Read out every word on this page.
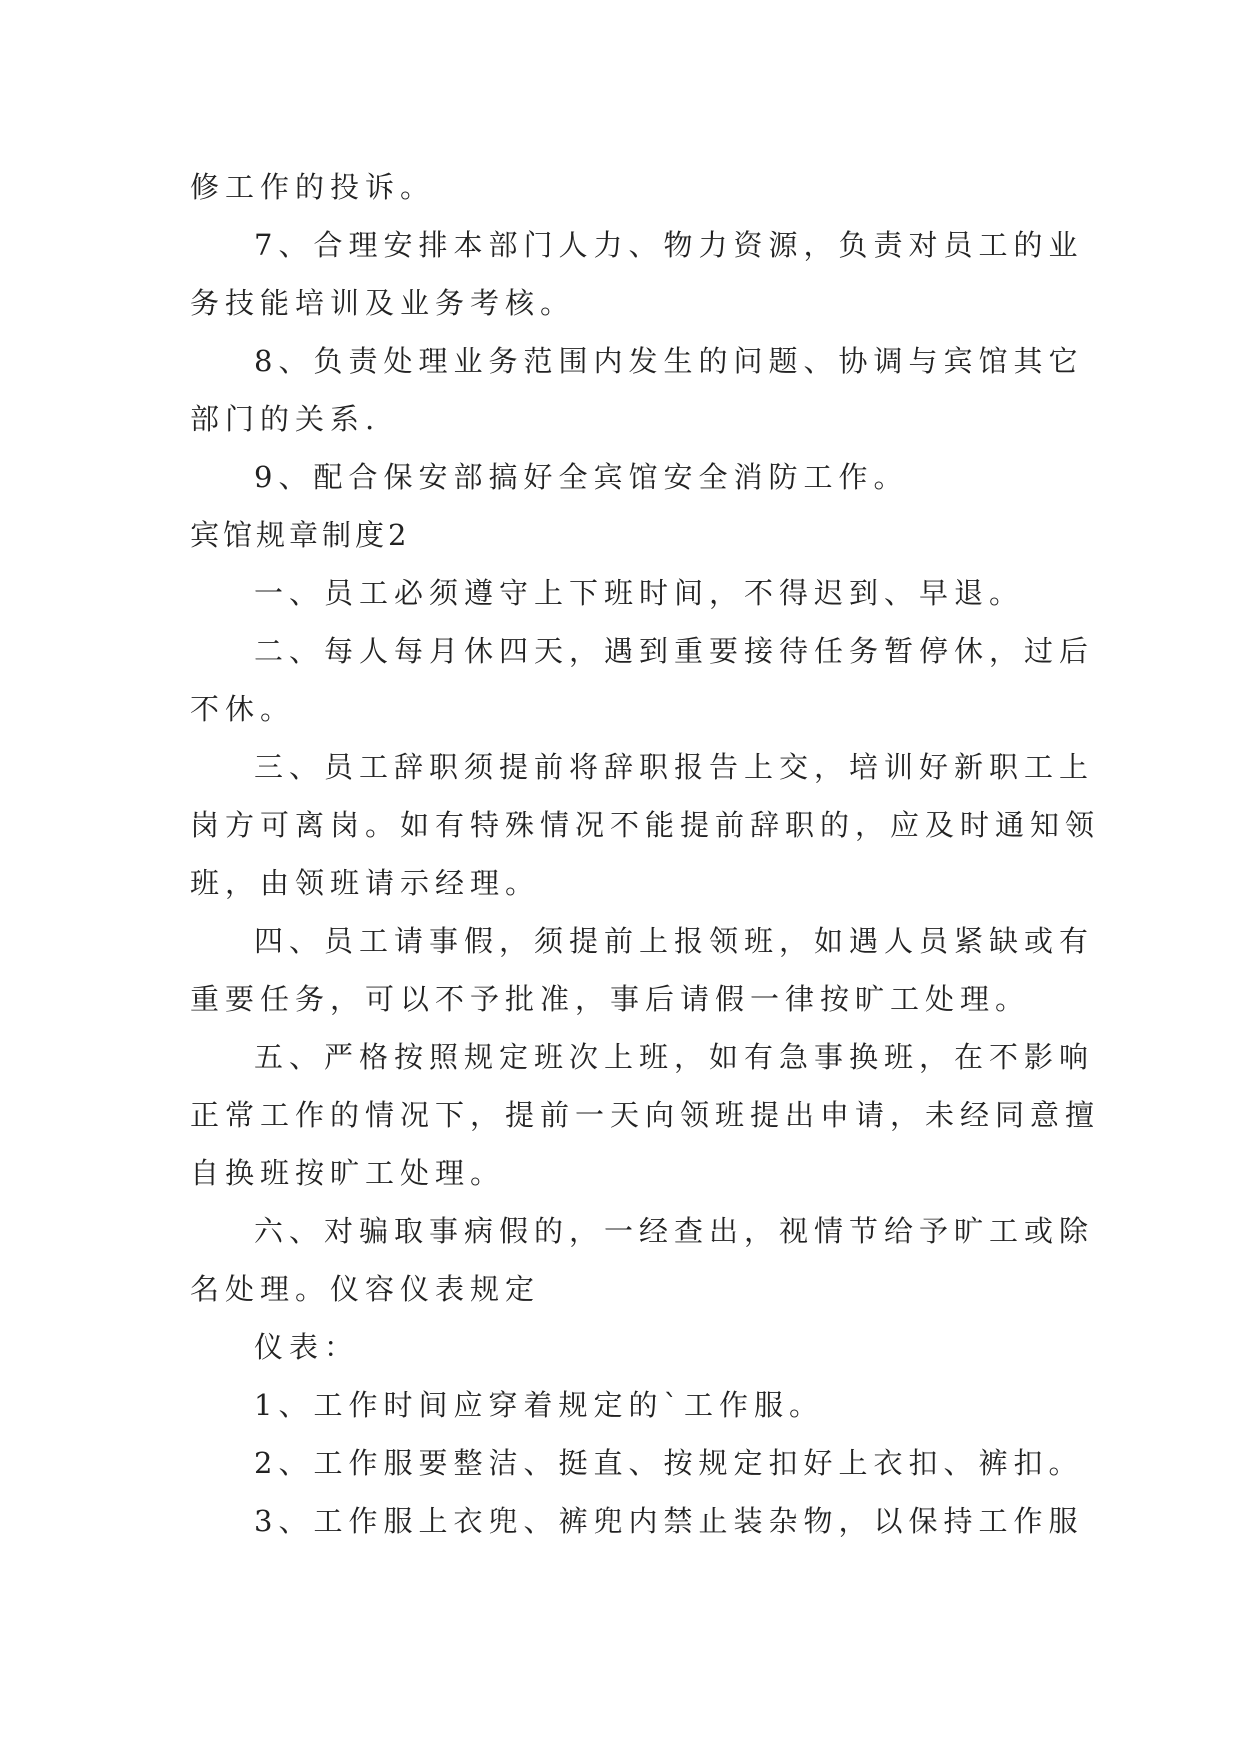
修工作的投诉。
7、合理安排本部门人力、物力资源，负责对员工的业
务技能培训及业务考核。
8、负责处理业务范围内发生的问题、协调与宾馆其它
部门的关系.
9、配合保安部搞好全宾馆安全消防工作。
宾馆规章制度2
一、员工必须遵守上下班时间，不得迟到、早退。
二、每人每月休四天，遇到重要接待任务暂停休，过后
不休。
三、员工辞职须提前将辞职报告上交，培训好新职工上
岗方可离岗。如有特殊情况不能提前辞职的，应及时通知领
班，由领班请示经理。
四、员工请事假，须提前上报领班，如遇人员紧缺或有
重要任务，可以不予批准，事后请假一律按旷工处理。
五、严格按照规定班次上班，如有急事换班，在不影响
正常工作的情况下，提前一天向领班提出申请，未经同意擅
自换班按旷工处理。
六、对骗取事病假的，一经查出，视情节给予旷工或除
名处理。仪容仪表规定
仪表：
1、工作时间应穿着规定的`工作服。
2、工作服要整洁、挺直、按规定扣好上衣扣、裤扣。
3、工作服上衣兜、裤兜内禁止装杂物，以保持工作服
